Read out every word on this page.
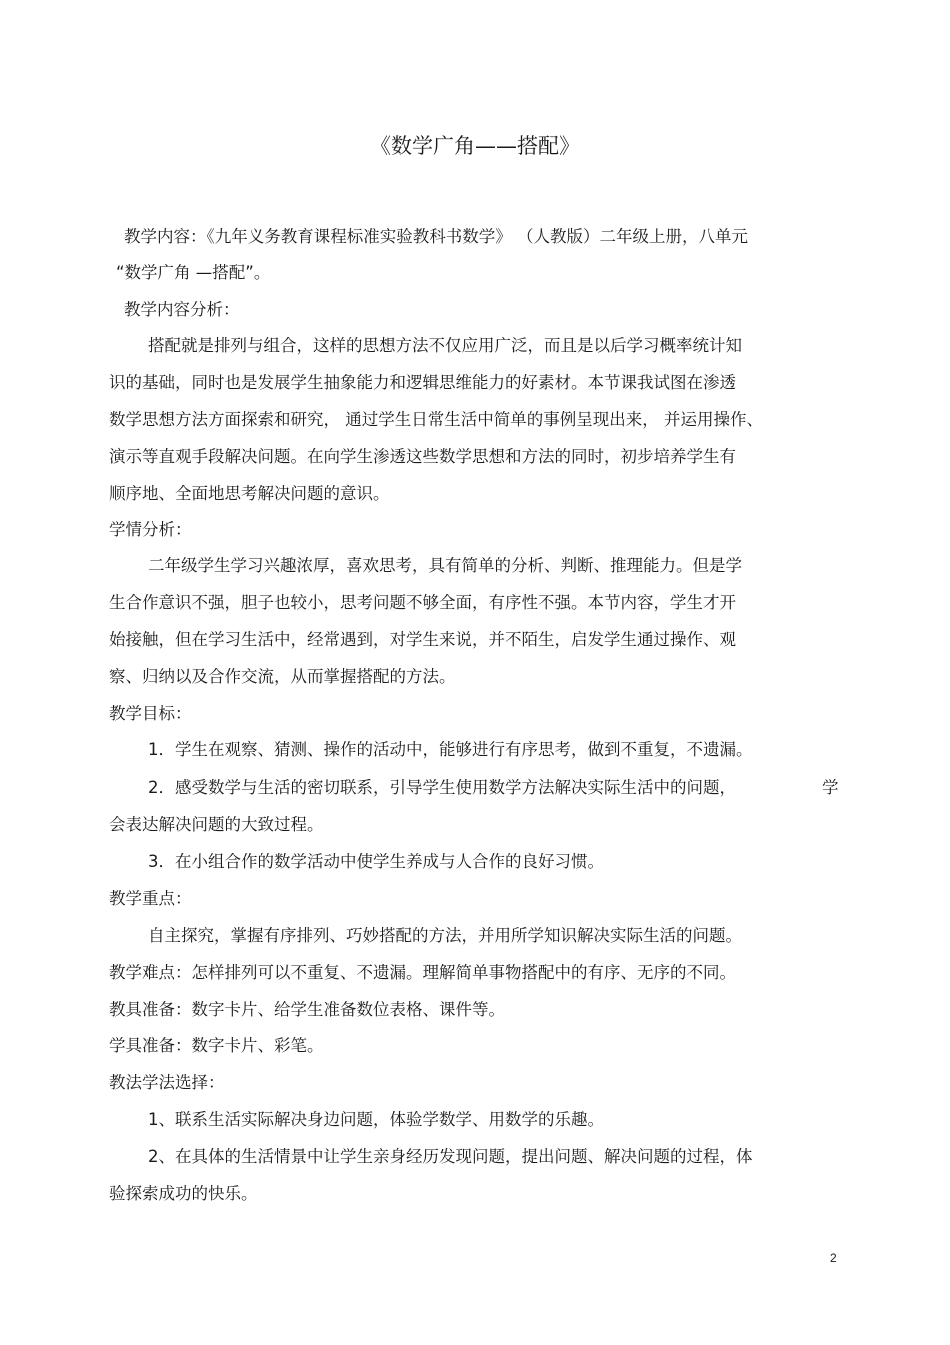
《数学广角——搭配》
教学内容：《九年义务教育课程标准实验教科书数学》 （人教版）二年级上册，八单元
“数学广角 —搭配”。
教学内容分析：
搭配就是排列与组合，这样的思想方法不仅应用广泛，而且是以后学习概率统计知
识的基础，同时也是发展学生抽象能力和逻辑思维能力的好素材。本节课我试图在渗透
数学思想方法方面探索和研究， 通过学生日常生活中简单的事例呈现出来， 并运用操作、
演示等直观手段解决问题。在向学生渗透这些数学思想和方法的同时，初步培养学生有
顺序地、全面地思考解决问题的意识。
学情分析：
二年级学生学习兴趣浓厚，喜欢思考，具有简单的分析、判断、推理能力。但是学
生合作意识不强，胆子也较小，思考问题不够全面，有序性不强。本节内容，学生才开
始接触，但在学习生活中，经常遇到，对学生来说，并不陌生，启发学生通过操作、观
察、归纳以及合作交流，从而掌握搭配的方法。
教学目标：
1．学生在观察、猜测、操作的活动中，能够进行有序思考，做到不重复，不遗漏。
2．感受数学与生活的密切联系，引导学生使用数学方法解决实际生活中的问题，	学
会表达解决问题的大致过程。
3．在小组合作的数学活动中使学生养成与人合作的良好习惯。
教学重点：
自主探究，掌握有序排列、巧妙搭配的方法，并用所学知识解决实际生活的问题。
教学难点：怎样排列可以不重复、不遗漏。理解简单事物搭配中的有序、无序的不同。
教具准备：数字卡片、给学生准备数位表格、课件等。
学具准备：数字卡片、彩笔。
教法学法选择：
1、联系生活实际解决身边问题，体验学数学、用数学的乐趣。
2、在具体的生活情景中让学生亲身经历发现问题，提出问题、解决问题的过程，体
验探索成功的快乐。
2
